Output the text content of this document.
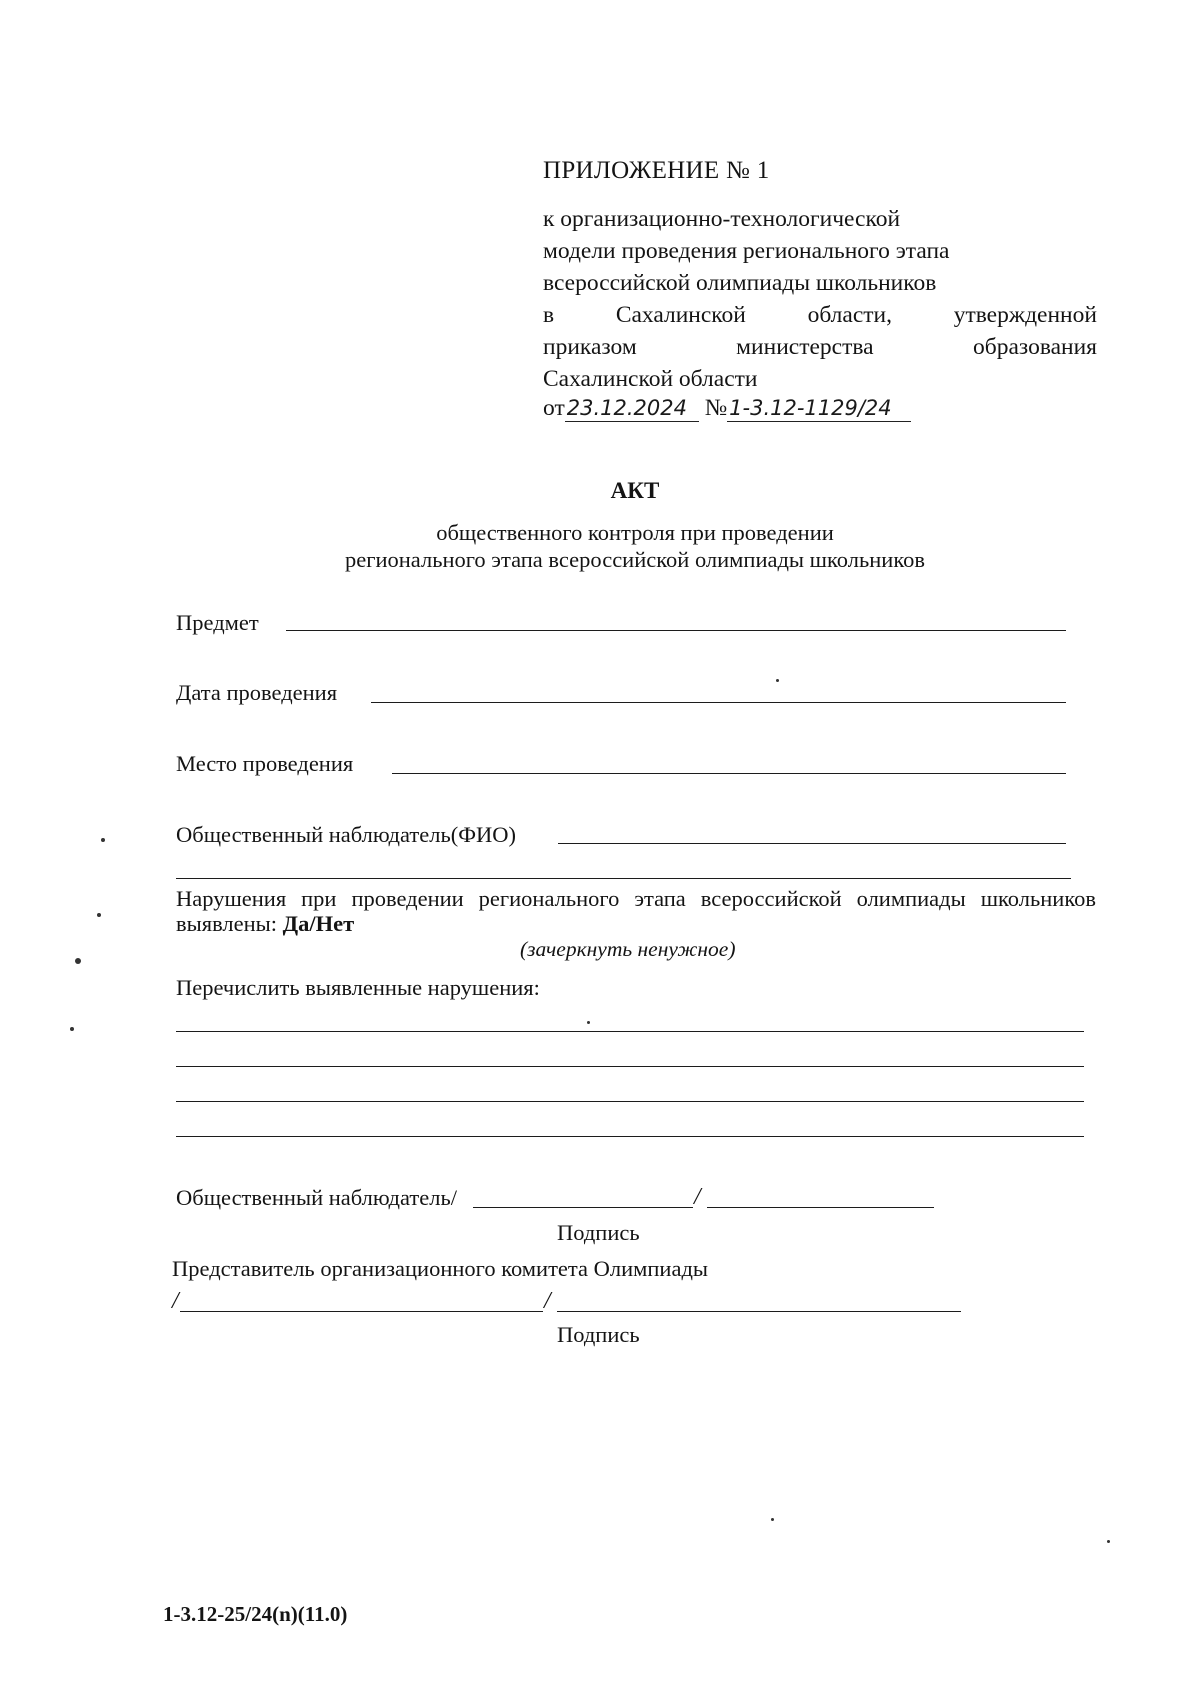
ПРИЛОЖЕНИЕ № 1
к организационно-технологической
модели проведения регионального этапа
всероссийской олимпиады школьников
в	Сахалинской	области,	утвержденной
приказом	министерства	образования
Сахалинской области
от 23.12.2024 № 1-3.12-1129/24
АКТ
общественного контроля при проведении
регионального этапа всероссийской олимпиады школьников
Предмет
Дата проведения
Место проведения
Общественный наблюдатель(ФИО)
Нарушения при проведении регионального этапа всероссийской олимпиады школьников
выявлены: Да/Нет
(зачеркнуть ненужное)
Перечислить выявленные нарушения:
Общественный наблюдатель/	/
Подпись
Представитель организационного комитета Олимпиады
/	/
Подпись
1-3.12-25/24(n)(11.0)
